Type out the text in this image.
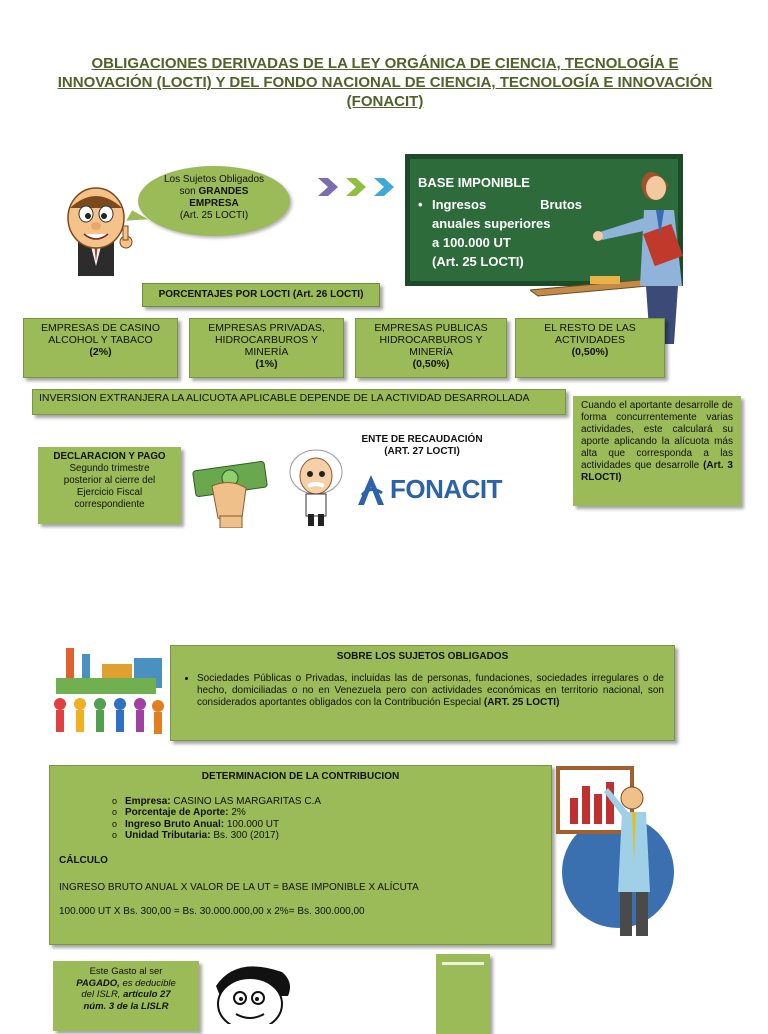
OBLIGACIONES DERIVADAS DE LA LEY ORGÁNICA DE CIENCIA, TECNOLOGÍA E
INNOVACIÓN (LOCTI) Y DEL FONDO NACIONAL DE CIENCIA, TECNOLOGÍA E INNOVACIÓN
(FONACIT)
Los Sujetos Obligados
son GRANDES
EMPRESA
(Art. 25 LOCTI)
BASE IMPONIBLE
• Ingresos	Brutos
anuales superiores
a 100.000 UT
(Art. 25 LOCTI)
PORCENTAJES POR LOCTI (Art. 26 LOCTI)
EMPRESAS DE CASINO
ALCOHOL Y TABACO
(2%)
EMPRESAS PRIVADAS,
HIDROCARBUROS Y
MINERÍA
(1%)
EMPRESAS PUBLICAS
HIDROCARBUROS Y
MINERÍA
(0,50%)
EL RESTO DE LAS
ACTIVIDADES
(0,50%)
INVERSION EXTRANJERA LA ALICUOTA APLICABLE DEPENDE DE LA ACTIVIDAD DESARROLLADA
Cuando el aportante desarrolle de forma concurrentemente varias actividades, este calculará su aporte aplicando la alícuota más alta que corresponda a las actividades que desarrolle (Art. 3 RLOCTI)
DECLARACION Y PAGO
Segundo trimestre
posterior al cierre del
Ejercicio Fiscal
correspondiente
ENTE DE RECAUDACIÓN
(ART. 27 LOCTI)
FONACIT
SOBRE LOS SUJETOS OBLIGADOS
• Sociedades Públicas o Privadas, incluidas las de personas, fundaciones, sociedades irregulares o de hecho, domiciliadas o no en Venezuela pero con actividades económicas en territorio nacional, son considerados aportantes obligados con la Contribución Especial (ART. 25 LOCTI)
DETERMINACION DE LA CONTRIBUCION
o Empresa: CASINO LAS MARGARITAS C.A
o Porcentaje de Aporte: 2%
o Ingreso Bruto Anual: 100.000 UT
o Unidad Tributaria: Bs. 300 (2017)
CÁLCULO
INGRESO BRUTO ANUAL X VALOR DE LA UT = BASE IMPONIBLE X ALÍCUTA
100.000 UT X Bs. 300,00 = Bs. 30.000.000,00 x 2%= Bs. 300.000,00
Este Gasto al ser
PAGADO, es deducible
del ISLR, artículo 27
núm. 3 de la LISLR
